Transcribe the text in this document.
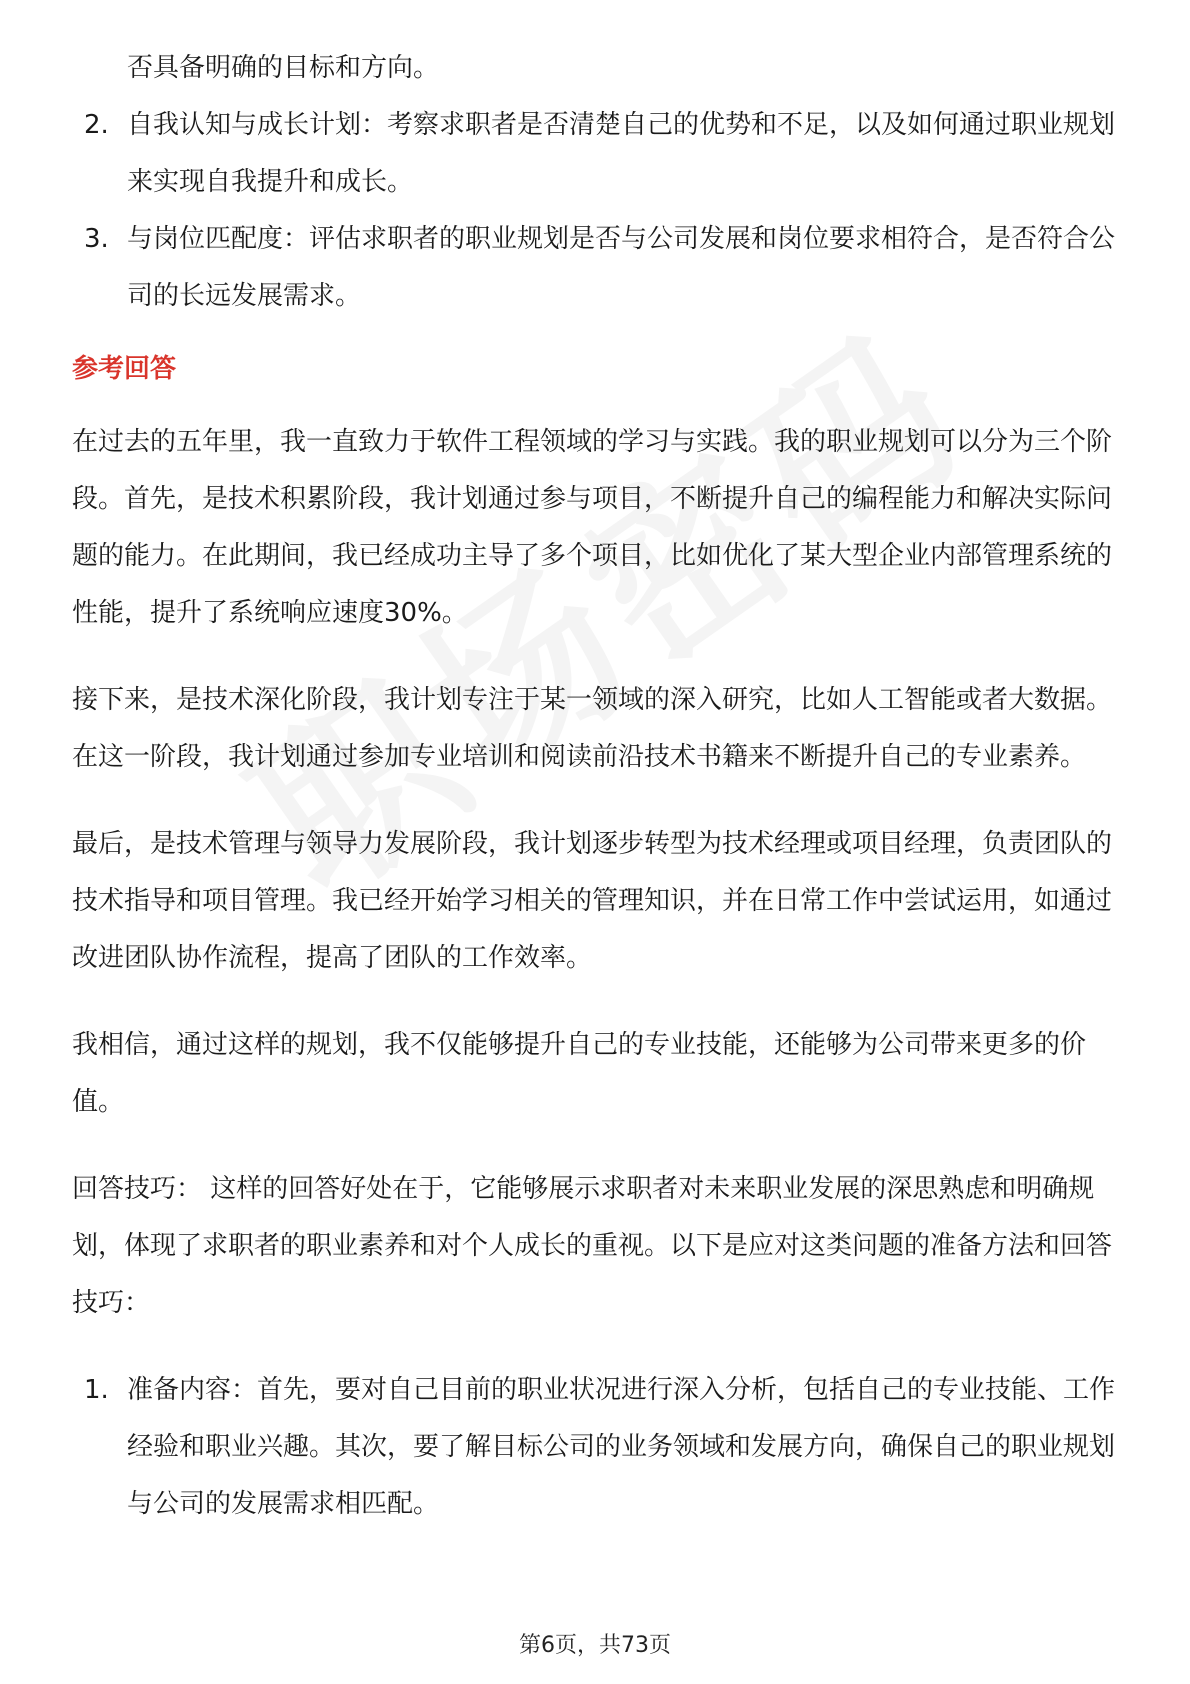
否具备明确的目标和方向。
2. 自我认知与成长计划：考察求职者是否清楚自己的优势和不足，以及如何通过职业规划来实现自我提升和成长。
3. 与岗位匹配度：评估求职者的职业规划是否与公司发展和岗位要求相符合，是否符合公司的长远发展需求。
参考回答

在过去的五年里，我一直致力于软件工程领域的学习与实践。我的职业规划可以分为三个阶段。首先，是技术积累阶段，我计划通过参与项目，不断提升自己的编程能力和解决实际问题的能力。在此期间，我已经成功主导了多个项目，比如优化了某大型企业内部管理系统的性能，提升了系统响应速度30%。

接下来，是技术深化阶段，我计划专注于某一领域的深入研究，比如人工智能或者大数据。在这一阶段，我计划通过参加专业培训和阅读前沿技术书籍来不断提升自己的专业素养。

最后，是技术管理与领导力发展阶段，我计划逐步转型为技术经理或项目经理，负责团队的技术指导和项目管理。我已经开始学习相关的管理知识，并在日常工作中尝试运用，如通过改进团队协作流程，提高了团队的工作效率。

我相信，通过这样的规划，我不仅能够提升自己的专业技能，还能够为公司带来更多的价值。

回答技巧： 这样的回答好处在于，它能够展示求职者对未来职业发展的深思熟虑和明确规划，体现了求职者的职业素养和对个人成长的重视。以下是应对这类问题的准备方法和回答技巧：

1. 准备内容：首先，要对自己目前的职业状况进行深入分析，包括自己的专业技能、工作经验和职业兴趣。其次，要了解目标公司的业务领域和发展方向，确保自己的职业规划与公司的发展需求相匹配。
第6页，共73页
